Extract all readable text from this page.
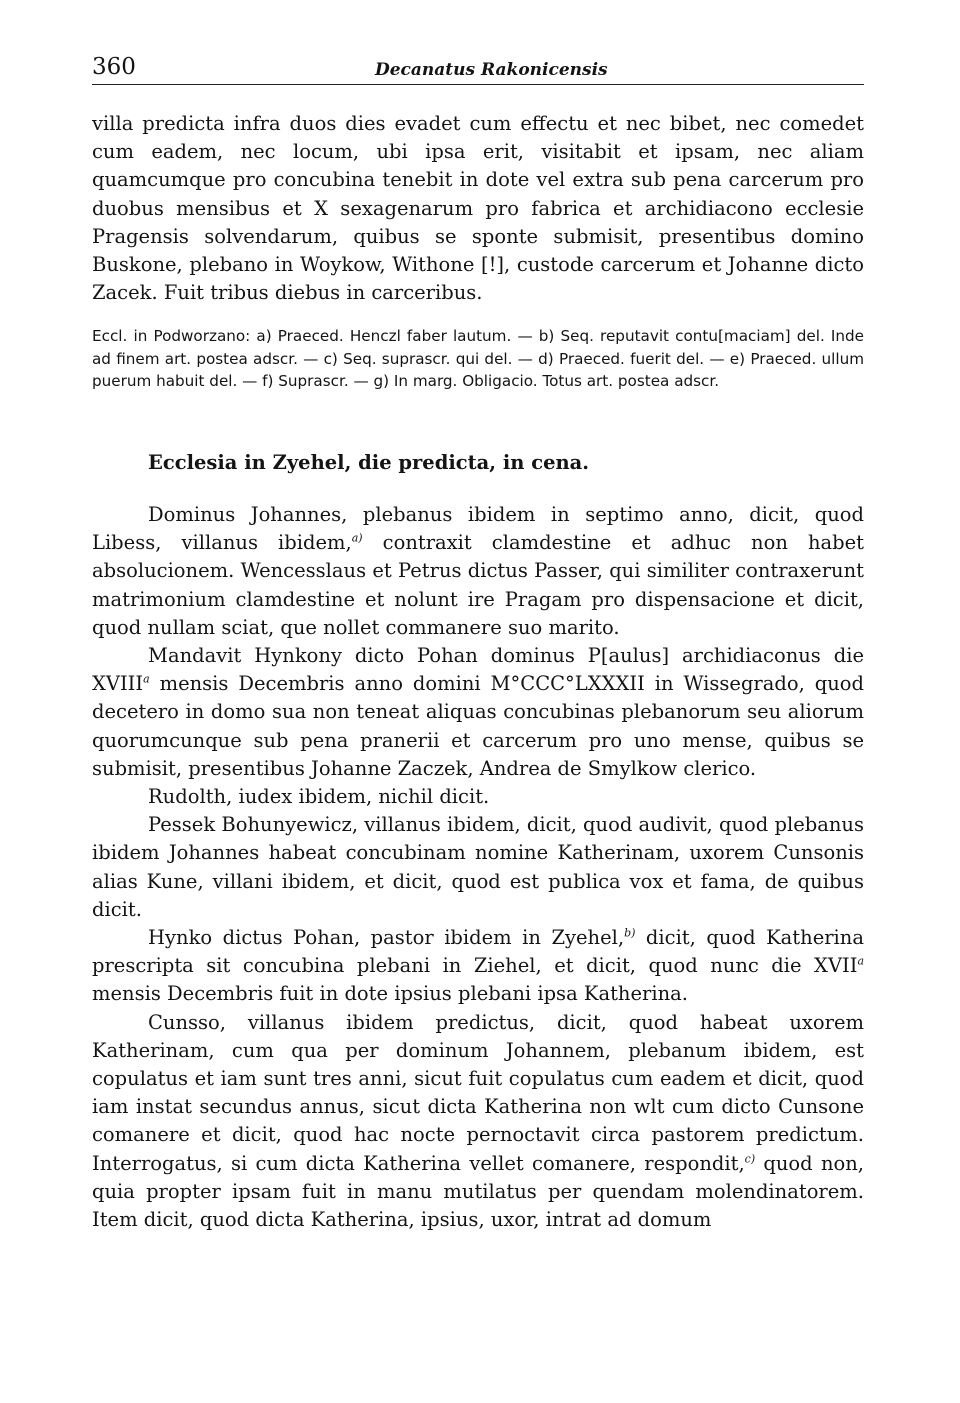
360	Decanatus Rakonicensis

villa predicta infra duos dies evadet cum effectu et nec bibet, nec comedet cum eadem, nec locum, ubi ipsa erit, visitabit et ipsam, nec aliam quamcumque pro concubina tenebit in dote vel extra sub pena carcerum pro duobus mensibus et X sexagenarum pro fabrica et archidiacono ecclesie Pragensis solvendarum, quibus se sponte submisit, presentibus domino Buskone, plebano in Woykow, Withone [!], custode carcerum et Johanne dicto Zacek. Fuit tribus diebus in carceribus.

Eccl. in Podworzano: a) Praeced. Henczl faber lautum. — b) Seq. reputavit contu[maciam] del. Inde ad finem art. postea adscr. — c) Seq. suprascr. qui del. — d) Praeced. fuerit del. — e) Praeced. ullum puerum habuit del. — f) Suprascr. — g) In marg. Obligacio. Totus art. postea adscr.
Ecclesia in Zyehel, die predicta, in cena.

Dominus Johannes, plebanus ibidem in septimo anno, dicit, quod Libess, villanus ibidem,$^{a)}$ contraxit clamdestine et adhuc non habet absolucionem. Wencesslaus et Petrus dictus Passer, qui similiter contraxerunt matrimonium clamdestine et nolunt ire Pragam pro dispensacione et dicit, quod nullam sciat, que nollet commanere suo marito.

Mandavit Hynkony dicto Pohan dominus P[aulus] archidiaconus die XVIII$^a$ mensis Decembris anno domini M°CCC°LXXXII in Wissegrado, quod decetero in domo sua non teneat aliquas concubinas plebanorum seu aliorum quorumcunque sub pena pranerii et carcerum pro uno mense, quibus se submisit, presentibus Johanne Zaczek, Andrea de Smylkow clerico.

Rudolth, iudex ibidem, nichil dicit.

Pessek Bohunyewicz, villanus ibidem, dicit, quod audivit, quod plebanus ibidem Johannes habeat concubinam nomine Katherinam, uxorem Cunsonis alias Kune, villani ibidem, et dicit, quod est publica vox et fama, de quibus dicit.

Hynko dictus Pohan, pastor ibidem in Zyehel,$^{b)}$ dicit, quod Katherina prescripta sit concubina plebani in Ziehel, et dicit, quod nunc die XVII$^a$ mensis Decembris fuit in dote ipsius plebani ipsa Katherina.

Cunsso, villanus ibidem predictus, dicit, quod habeat uxorem Katherinam, cum qua per dominum Johannem, plebanum ibidem, est copulatus et iam sunt tres anni, sicut fuit copulatus cum eadem et dicit, quod iam instat secundus annus, sicut dicta Katherina non wlt cum dicto Cunsone comanere et dicit, quod hac nocte pernoctavit circa pastorem predictum. Interrogatus, si cum dicta Katherina vellet comanere, respondit,$^{c)}$ quod non, quia propter ipsam fuit in manu mutilatus per quendam molendinatorem. Item dicit, quod dicta Katherina, ipsius, uxor, intrat ad domum
